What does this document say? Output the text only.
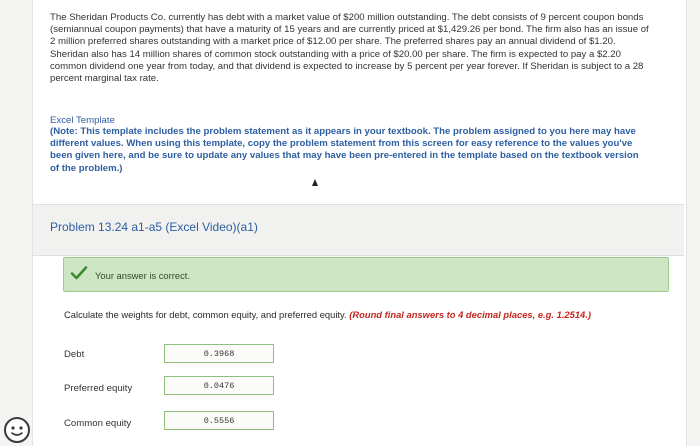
The Sheridan Products Co. currently has debt with a market value of $200 million outstanding. The debt consists of 9 percent coupon bonds (semiannual coupon payments) that have a maturity of 15 years and are currently priced at $1,429.26 per bond. The firm also has an issue of 2 million preferred shares outstanding with a market price of $12.00 per share. The preferred shares pay an annual dividend of $1.20. Sheridan also has 14 million shares of common stock outstanding with a price of $20.00 per share. The firm is expected to pay a $2.20 common dividend one year from today, and that dividend is expected to increase by 5 percent per year forever. If Sheridan is subject to a 28 percent marginal tax rate.

Excel Template

(Note: This template includes the problem statement as it appears in your textbook. The problem assigned to you here may have different values. When using this template, copy the problem statement from this screen for easy reference to the values you've been given here, and be sure to update any values that may have been pre-entered in the template based on the textbook version of the problem.)

Problem 13.24 a1-a5 (Excel Video)(a1)
Your answer is correct.

Calculate the weights for debt, common equity, and preferred equity. (Round final answers to 4 decimal places, e.g. 1.2514.)

Debt	0.3968
Preferred equity	0.0476
Common equity	0.5556
